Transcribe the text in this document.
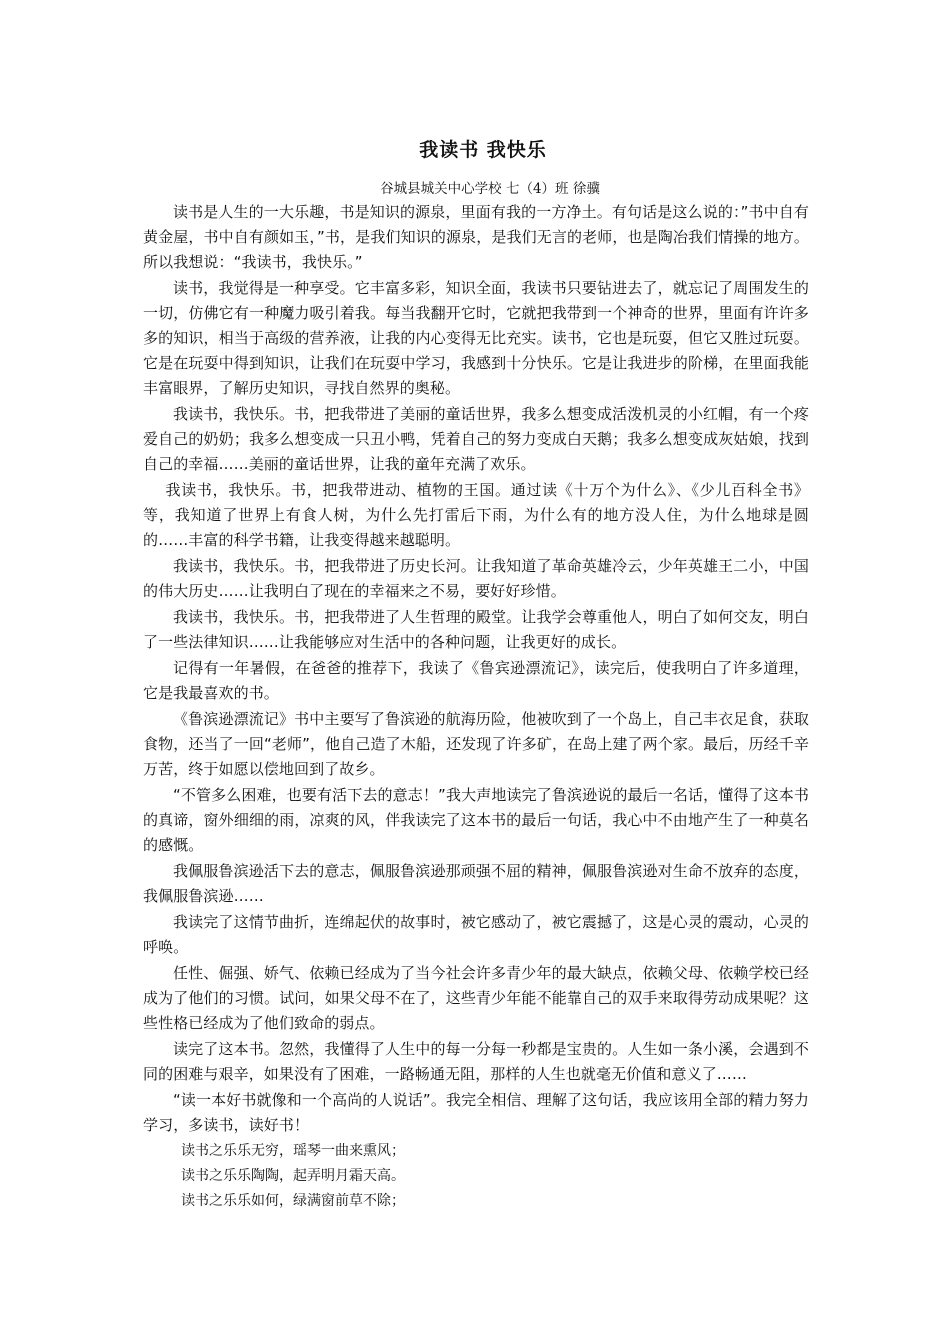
我读书 我快乐

谷城县城关中心学校 七（4）班 徐骥

读书是人生的一大乐趣，书是知识的源泉，里面有我的一方净土。有句话是这么说的：”书中自有黄金屋，书中自有颜如玉，”书，是我们知识的源泉，是我们无言的老师，也是陶冶我们情操的地方。所以我想说：“我读书，我快乐。”

读书，我觉得是一种享受。它丰富多彩，知识全面，我读书只要钻进去了，就忘记了周围发生的一切，仿佛它有一种魔力吸引着我。每当我翻开它时，它就把我带到一个神奇的世界，里面有许许多多的知识，相当于高级的营养液，让我的内心变得无比充实。读书，它也是玩耍，但它又胜过玩耍。它是在玩耍中得到知识，让我们在玩耍中学习，我感到十分快乐。它是让我进步的阶梯，在里面我能丰富眼界，了解历史知识，寻找自然界的奥秘。

我读书，我快乐。书，把我带进了美丽的童话世界，我多么想变成活泼机灵的小红帽，有一个疼爱自己的奶奶；我多么想变成一只丑小鸭，凭着自己的努力变成白天鹅；我多么想变成灰姑娘，找到自己的幸福……美丽的童话世界，让我的童年充满了欢乐。

我读书，我快乐。书，把我带进动、植物的王国。通过读《十万个为什么》、《少儿百科全书》等，我知道了世界上有食人树，为什么先打雷后下雨，为什么有的地方没人住，为什么地球是圆的……丰富的科学书籍，让我变得越来越聪明。

我读书，我快乐。书，把我带进了历史长河。让我知道了革命英雄冷云，少年英雄王二小，中国的伟大历史……让我明白了现在的幸福来之不易，要好好珍惜。

我读书，我快乐。书，把我带进了人生哲理的殿堂。让我学会尊重他人，明白了如何交友，明白了一些法律知识……让我能够应对生活中的各种问题，让我更好的成长。

记得有一年暑假，在爸爸的推荐下，我读了《鲁宾逊漂流记》，读完后，使我明白了许多道理，它是我最喜欢的书。

《鲁滨逊漂流记》书中主要写了鲁滨逊的航海历险，他被吹到了一个岛上，自己丰衣足食，获取食物，还当了一回“老师”，他自己造了木船，还发现了许多矿，在岛上建了两个家。最后，历经千辛万苦，终于如愿以偿地回到了故乡。

“不管多么困难，也要有活下去的意志！”我大声地读完了鲁滨逊说的最后一名话，懂得了这本书的真谛，窗外细细的雨，凉爽的风，伴我读完了这本书的最后一句话，我心中不由地产生了一种莫名的感慨。

我佩服鲁滨逊活下去的意志，佩服鲁滨逊那顽强不屈的精神，佩服鲁滨逊对生命不放弃的态度，我佩服鲁滨逊……

我读完了这情节曲折，连绵起伏的故事时，被它感动了，被它震撼了，这是心灵的震动，心灵的呼唤。

任性、倔强、娇气、依赖已经成为了当今社会许多青少年的最大缺点，依赖父母、依赖学校已经成为了他们的习惯。试问，如果父母不在了，这些青少年能不能靠自己的双手来取得劳动成果呢？这些性格已经成为了他们致命的弱点。

读完了这本书。忽然，我懂得了人生中的每一分每一秒都是宝贵的。人生如一条小溪，会遇到不同的困难与艰辛，如果没有了困难，一路畅通无阻，那样的人生也就毫无价值和意义了……

“读一本好书就像和一个高尚的人说话”。我完全相信、理解了这句话，我应该用全部的精力努力学习，多读书，读好书！

读书之乐乐无穷，瑶琴一曲来熏风；

读书之乐乐陶陶，起弄明月霜天高。

读书之乐乐如何，绿满窗前草不除；
